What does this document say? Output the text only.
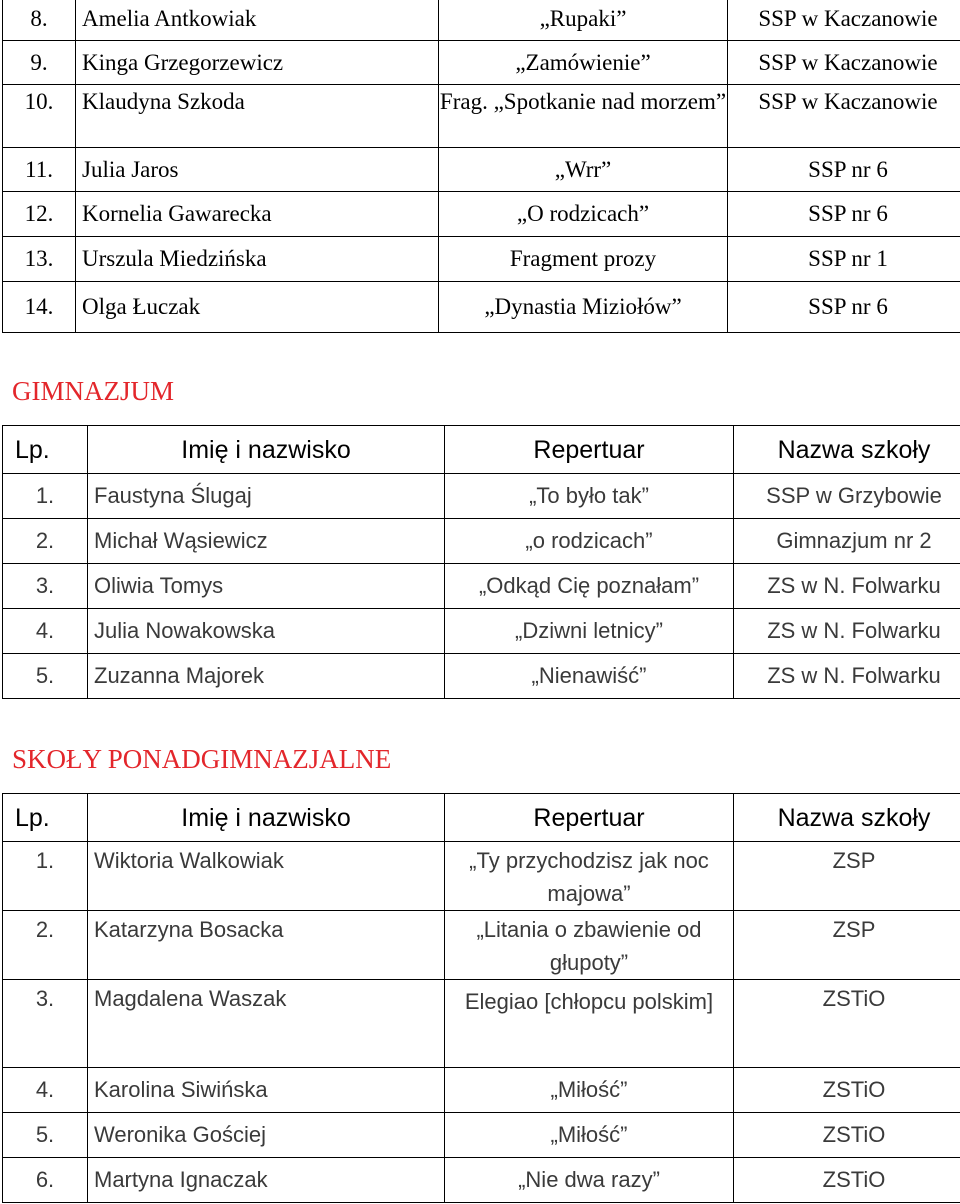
8.	Amelia Antkowiak	„Rupaki”	SSP w Kaczanowie
9.	Kinga Grzegorzewicz	„Zamówienie”	SSP w Kaczanowie
10.	Klaudyna Szkoda	Frag. „Spotkanie nad morzem”	SSP w Kaczanowie
11.	Julia Jaros	„Wrr”	SSP nr 6
12.	Kornelia Gawarecka	„O rodzicach”	SSP nr 6
13.	Urszula Miedzińska	Fragment prozy	SSP nr 1
14.	Olga Łuczak	„Dynastia Miziołów”	SSP nr 6
GIMNAZJUM
Lp.	Imię i nazwisko	Repertuar	Nazwa szkoły
1.	Faustyna Ślugaj	„To było tak”	SSP w Grzybowie
2.	Michał Wąsiewicz	„o rodzicach”	Gimnazjum nr 2
3.	Oliwia Tomys	„Odkąd Cię poznałam”	ZS w N. Folwarku
4.	Julia Nowakowska	„Dziwni letnicy”	ZS w N. Folwarku
5.	Zuzanna Majorek	„Nienawiść”	ZS w N. Folwarku
SKOŁY PONADGIMNAZJALNE
Lp.	Imię i nazwisko	Repertuar	Nazwa szkoły
1.	Wiktoria Walkowiak	„Ty przychodzisz jak noc majowa”	ZSP
2.	Katarzyna Bosacka	„Litania o zbawienie od głupoty”	ZSP
3.	Magdalena Waszak	Elegiao [chłopcu polskim]	ZSTiO
4.	Karolina Siwińska	„Miłość”	ZSTiO
5.	Weronika Gościej	„Miłość”	ZSTiO
6.	Martyna Ignaczak	„Nie dwa razy”	ZSTiO
